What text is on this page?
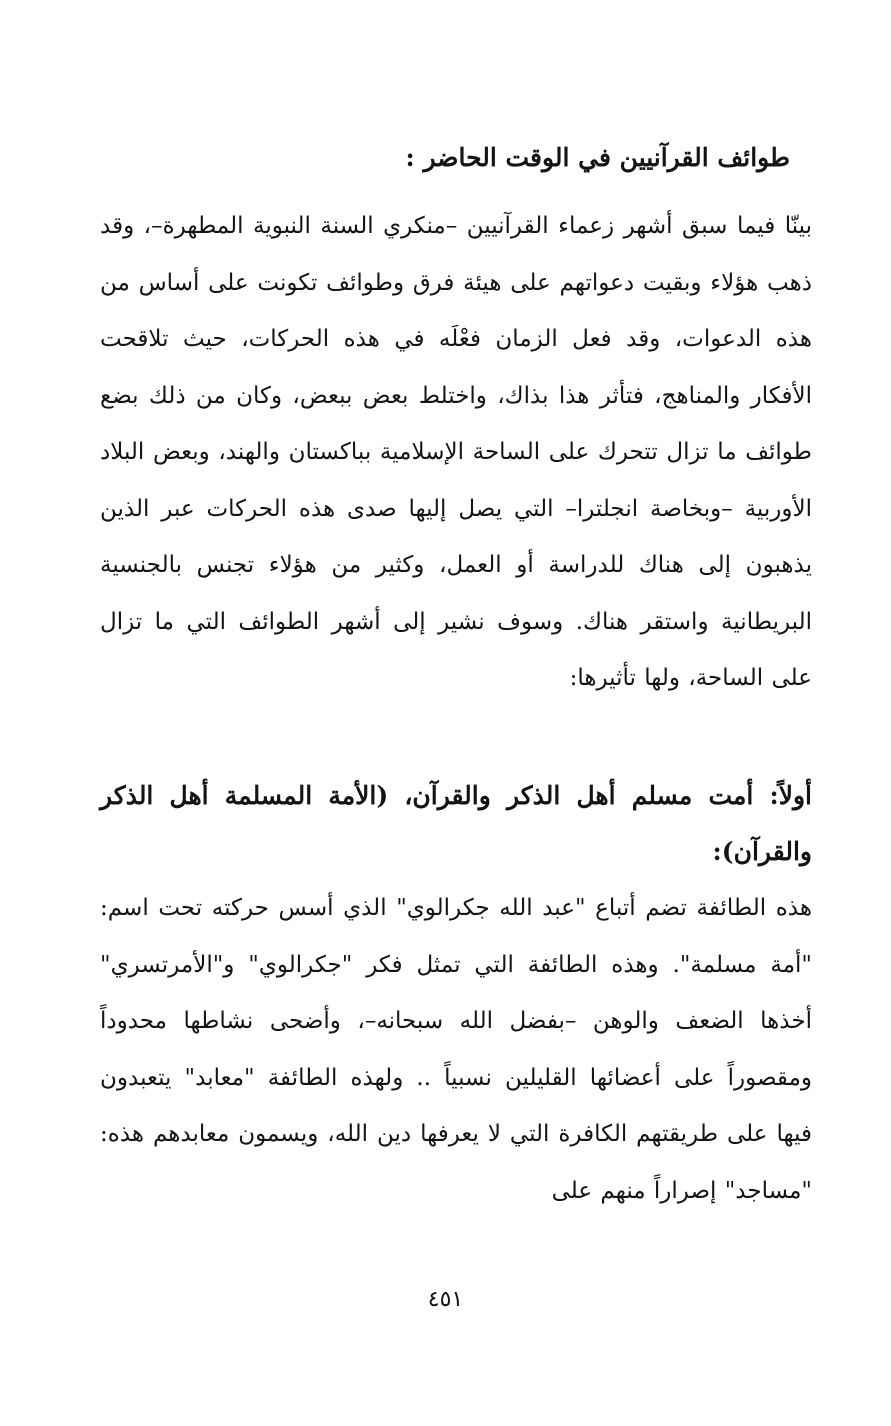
طوائف القرآنيين في الوقت الحاضر :

بينّا فيما سبق أشهر زعماء القرآنيين –منكري السنة النبوية المطهرة–، وقد ذهب هؤلاء وبقيت دعواتهم على هيئة فرق وطوائف تكونت على أساس من هذه الدعوات، وقد فعل الزمان فعْلَه في هذه الحركات، حيث تلاقحت الأفكار والمناهج، فتأثر هذا بذاك، واختلط بعض ببعض، وكان من ذلك بضع طوائف ما تزال تتحرك على الساحة الإسلامية بباكستان والهند، وبعض البلاد الأوربية –وبخاصة انجلترا– التي يصل إليها صدى هذه الحركات عبر الذين يذهبون إلى هناك للدراسة أو العمل، وكثير من هؤلاء تجنس بالجنسية البريطانية واستقر هناك. وسوف نشير إلى أشهر الطوائف التي ما تزال على الساحة، ولها تأثيرها:

أولاً: أمت مسلم أهل الذكر والقرآن، (الأمة المسلمة أهل الذكر والقرآن):

هذه الطائفة تضم أتباع "عبد الله جكرالوي" الذي أسس حركته تحت اسم: "أمة مسلمة". وهذه الطائفة التي تمثل فكر "جكرالوي" و"الأمرتسري" أخذها الضعف والوهن –بفضل الله سبحانه–، وأضحى نشاطها محدوداً ومقصوراً على أعضائها القليلين نسبياً .. ولهذه الطائفة "معابد" يتعبدون فيها على طريقتهم الكافرة التي لا يعرفها دين الله، ويسمون معابدهم هذه: "مساجد" إصراراً منهم على

٤٥١
